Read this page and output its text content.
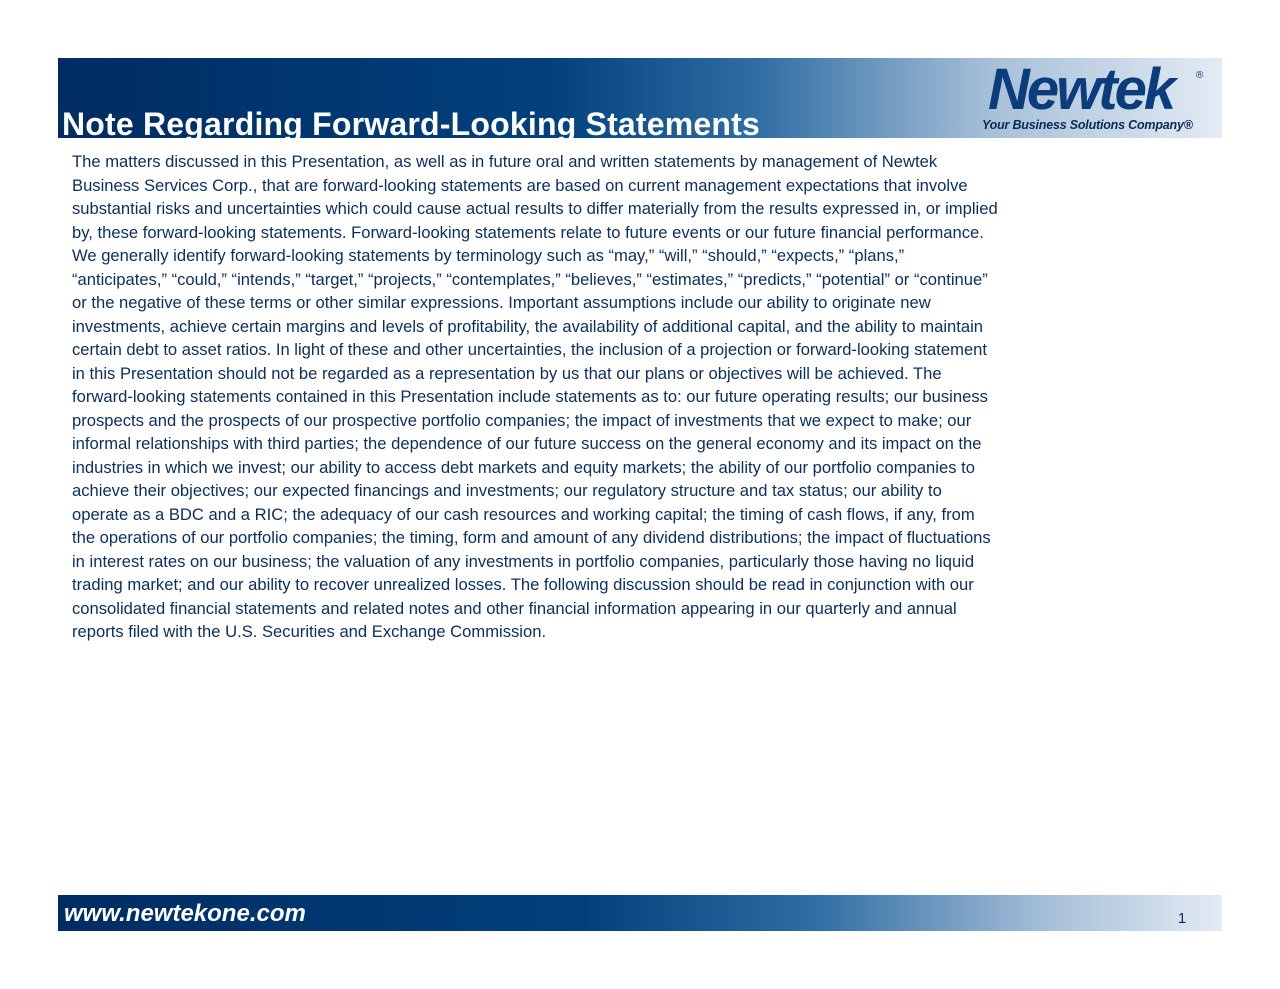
Note Regarding Forward-Looking Statements
Newtek ®
Your Business Solutions Company®
The matters discussed in this Presentation, as well as in future oral and written statements by management of Newtek
Business Services Corp., that are forward-looking statements are based on current management expectations that involve
substantial risks and uncertainties which could cause actual results to differ materially from the results expressed in, or implied
by, these forward-looking statements. Forward-looking statements relate to future events or our future financial performance.
We generally identify forward-looking statements by terminology such as “may,” “will,” “should,” “expects,” “plans,”
“anticipates,” “could,” “intends,” “target,” “projects,” “contemplates,” “believes,” “estimates,” “predicts,” “potential” or “continue”
or the negative of these terms or other similar expressions. Important assumptions include our ability to originate new
investments, achieve certain margins and levels of profitability, the availability of additional capital, and the ability to maintain
certain debt to asset ratios. In light of these and other uncertainties, the inclusion of a projection or forward-looking statement
in this Presentation should not be regarded as a representation by us that our plans or objectives will be achieved. The
forward-looking statements contained in this Presentation include statements as to: our future operating results; our business
prospects and the prospects of our prospective portfolio companies; the impact of investments that we expect to make; our
informal relationships with third parties; the dependence of our future success on the general economy and its impact on the
industries in which we invest; our ability to access debt markets and equity markets; the ability of our portfolio companies to
achieve their objectives; our expected financings and investments; our regulatory structure and tax status; our ability to
operate as a BDC and a RIC; the adequacy of our cash resources and working capital; the timing of cash flows, if any, from
the operations of our portfolio companies; the timing, form and amount of any dividend distributions; the impact of fluctuations
in interest rates on our business; the valuation of any investments in portfolio companies, particularly those having no liquid
trading market; and our ability to recover unrealized losses. The following discussion should be read in conjunction with our
consolidated financial statements and related notes and other financial information appearing in our quarterly and annual
reports filed with the U.S. Securities and Exchange Commission.
www.newtekone.com	1
